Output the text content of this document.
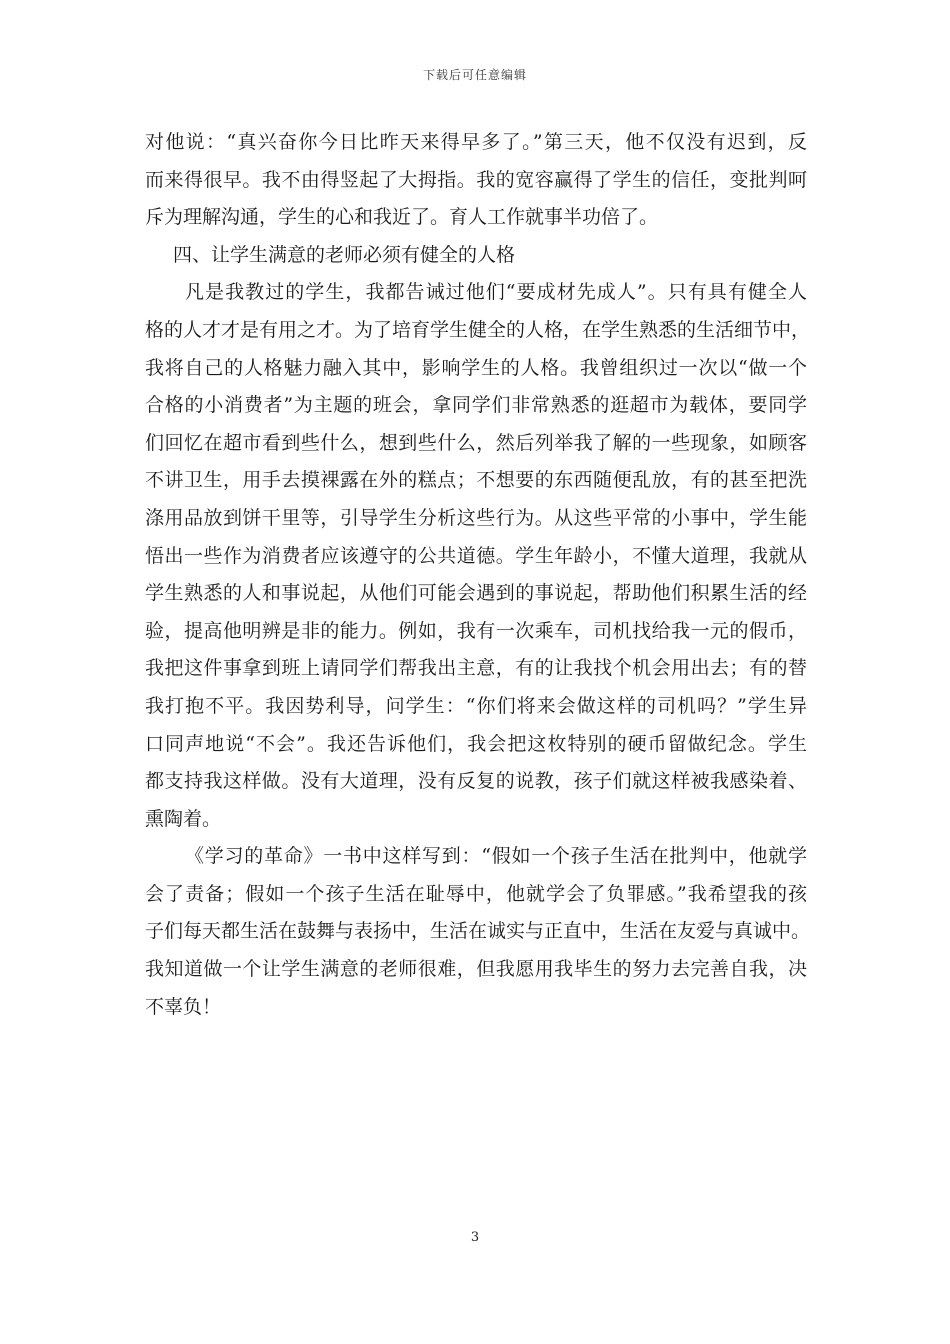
下载后可任意编辑
对他说：“真兴奋你今日比昨天来得早多了。”第三天，他不仅没有迟到，反
而来得很早。我不由得竖起了大拇指。我的宽容赢得了学生的信任，变批判呵
斥为理解沟通，学生的心和我近了。育人工作就事半功倍了。
四、让学生满意的老师必须有健全的人格
凡是我教过的学生，我都告诫过他们“要成材先成人”。只有具有健全人
格的人才才是有用之才。为了培育学生健全的人格，在学生熟悉的生活细节中，
我将自己的人格魅力融入其中，影响学生的人格。我曾组织过一次以“做一个
合格的小消费者”为主题的班会，拿同学们非常熟悉的逛超市为载体，要同学
们回忆在超市看到些什么，想到些什么，然后列举我了解的一些现象，如顾客
不讲卫生，用手去摸裸露在外的糕点；不想要的东西随便乱放，有的甚至把洗
涤用品放到饼干里等，引导学生分析这些行为。从这些平常的小事中，学生能
悟出一些作为消费者应该遵守的公共道德。学生年龄小，不懂大道理，我就从
学生熟悉的人和事说起，从他们可能会遇到的事说起，帮助他们积累生活的经
验，提高他明辨是非的能力。例如，我有一次乘车，司机找给我一元的假币，
我把这件事拿到班上请同学们帮我出主意，有的让我找个机会用出去；有的替
我打抱不平。我因势利导，问学生：“你们将来会做这样的司机吗？”学生异
口同声地说“不会”。我还告诉他们，我会把这枚特别的硬币留做纪念。学生
都支持我这样做。没有大道理，没有反复的说教，孩子们就这样被我感染着、
熏陶着。
《学习的革命》一书中这样写到：“假如一个孩子生活在批判中，他就学
会了责备；假如一个孩子生活在耻辱中，他就学会了负罪感。”我希望我的孩
子们每天都生活在鼓舞与表扬中，生活在诚实与正直中，生活在友爱与真诚中。
我知道做一个让学生满意的老师很难，但我愿用我毕生的努力去完善自我，决
不辜负！
3
